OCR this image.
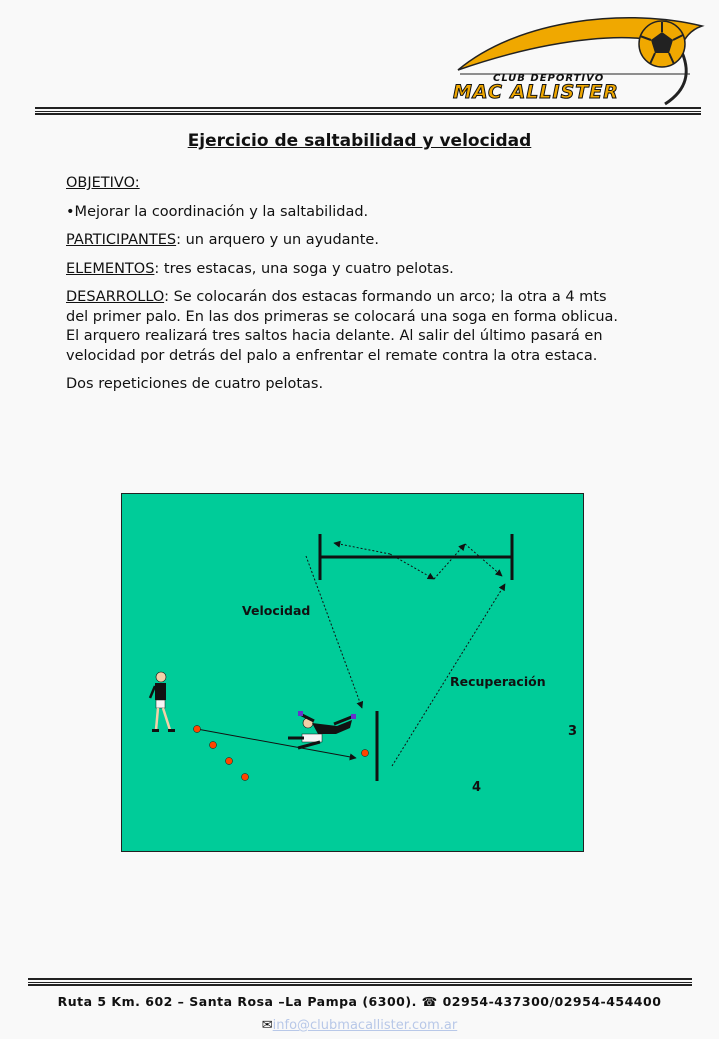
CLUB DEPORTIVO
MAC ALLISTER
Ejercicio de saltabilidad y velocidad

OBJETIVO:

•Mejorar la coordinación y la saltabilidad.

PARTICIPANTES: un arquero y un ayudante.

ELEMENTOS: tres estacas, una soga y cuatro pelotas.

DESARROLLO: Se colocarán dos estacas formando un arco; la otra a 4 mts del primer palo. En las dos primeras se colocará una soga en forma oblicua. El arquero realizará tres saltos hacia delante. Al salir del último pasará en velocidad por detrás del palo a enfrentar el remate contra la otra estaca.

Dos repeticiones de cuatro pelotas.

Velocidad
Recuperación
3
4
Ruta 5 Km. 602 – Santa Rosa –La Pampa (6300). ☎ 02954-437300/02954-454400
✉info@clubmacallister.com.ar
